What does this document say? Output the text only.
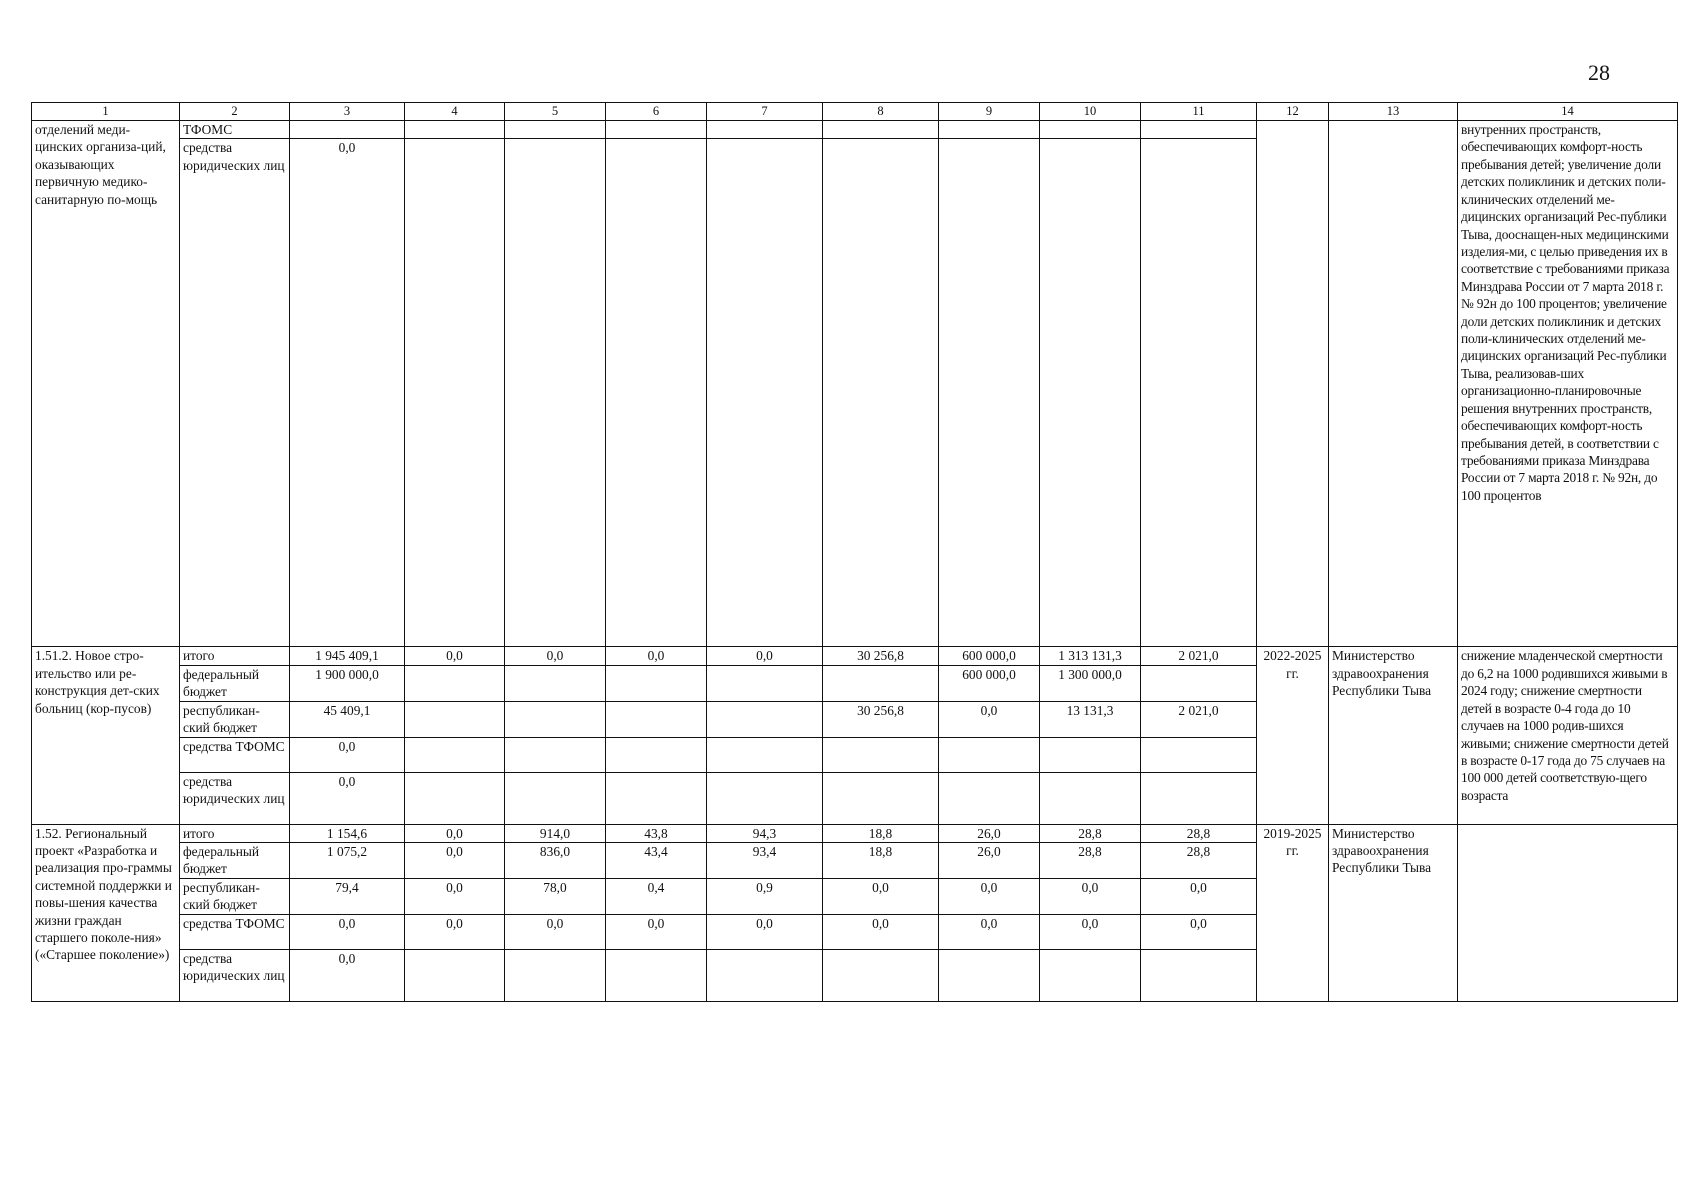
28
1	2	3	4	5	6	7	8	9	10	11	12	13	14
отделений меди-цинских организа-ций, оказывающих первичную медико-санитарную по-мощь	ТФОМС												внутренних пространств, обеспечивающих комфорт-ность пребывания детей; увеличение доли детских поликлиник и детских поли-клинических отделений ме-дицинских организаций Рес-публики Тыва, дооснащен-ных медицинскими изделия-ми, с целью приведения их в соответствие с требованиями приказа Минздрава России от 7 марта 2018 г. № 92н до 100 процентов; увеличение доли детских поликлиник и детских поли-клинических отделений ме-дицинских организаций Рес-публики Тыва, реализовав-ших организационно-планировочные решения внутренних пространств, обеспечивающих комфорт-ность пребывания детей, в соответствии с требованиями приказа Минздрава России от 7 марта 2018 г. № 92н, до 100 процентов
	средства юридических лиц	0,0											
1.51.2. Новое стро-ительство или ре-конструкция дет-ских больниц (кор-пусов)	итого	1 945 409,1	0,0	0,0	0,0	0,0	30 256,8	600 000,0	1 313 131,3	2 021,0	2022-2025 гг.	Министерство здравоохранения Республики Тыва	снижение младенческой смертности до 6,2 на 1000 родившихся живыми в 2024 году; снижение смертности детей в возрасте 0-4 года до 10 случаев на 1000 родив-шихся живыми; снижение смертности детей в возрасте 0-17 года до 75 случаев на 100 000 детей соответствую-щего возраста
	федеральный бюджет	1 900 000,0						600 000,0	1 300 000,0				
	республикан-ский бюджет	45 409,1					30 256,8	0,0	13 131,3	2 021,0			
	средства ТФОМС	0,0											
	средства юридических лиц	0,0											
1.52. Региональный проект «Разработка и реализация про-граммы системной поддержки и повы-шения качества жизни граждан старшего поколе-ния» («Старшее поколение»)	итого	1 154,6	0,0	914,0	43,8	94,3	18,8	26,0	28,8	28,8	2019-2025 гг.	Министерство здравоохранения Республики Тыва	
	федеральный бюджет	1 075,2	0,0	836,0	43,4	93,4	18,8	26,0	28,8	28,8			
	республикан-ский бюджет	79,4	0,0	78,0	0,4	0,9	0,0	0,0	0,0	0,0			
	средства ТФОМС	0,0	0,0	0,0	0,0	0,0	0,0	0,0	0,0	0,0			
	средства юридических лиц	0,0											
